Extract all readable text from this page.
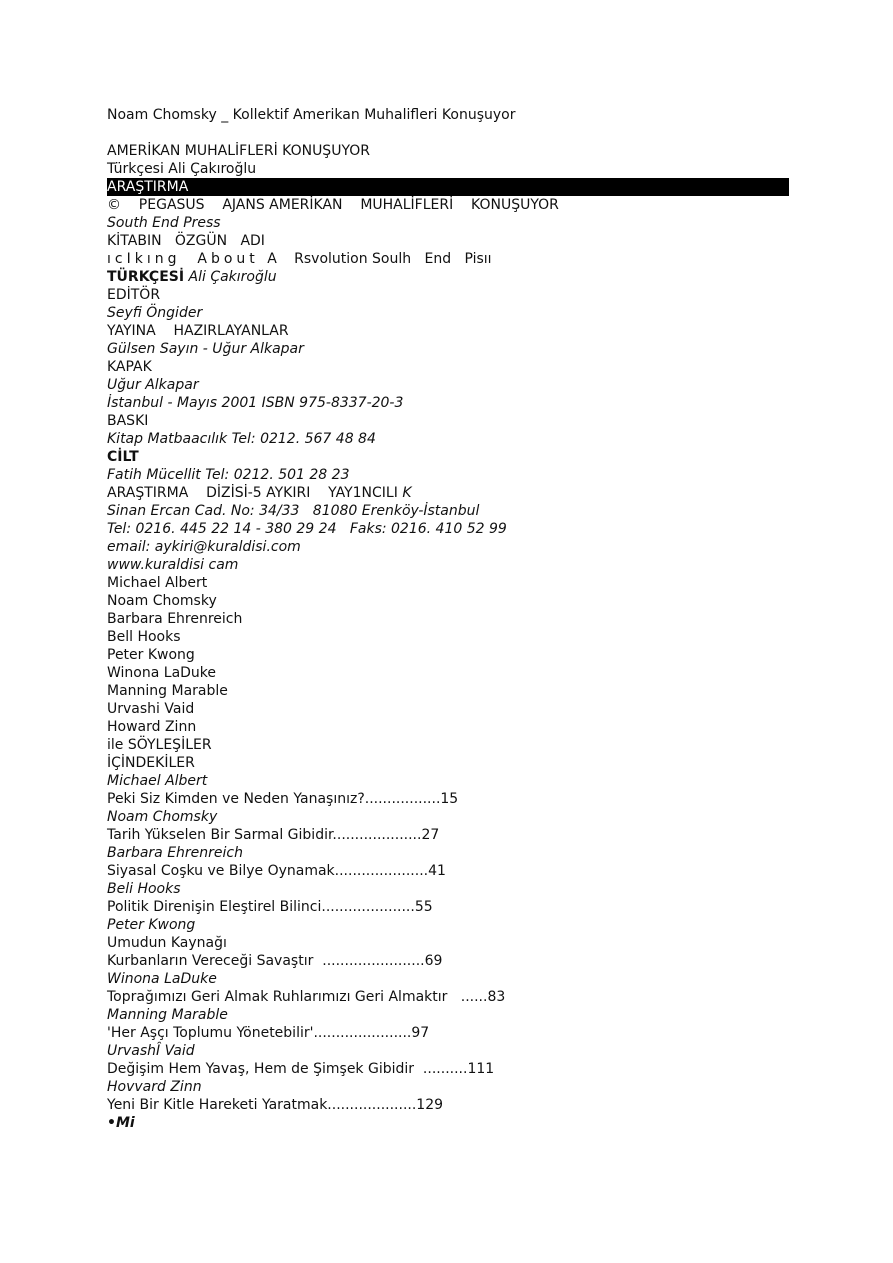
Noam Chomsky _ Kollektif Amerikan Muhalifleri Konuşuyor
AMERİKAN MUHALİFLERİ KONUŞUYOR
Türkçesi Ali Çakıroğlu
ARAŞTIRMA
©    PEGASUS    AJANS AMERİKAN    MUHALİFLERİ    KONUŞUYOR
South End Press
KİTABIN   ÖZGÜN   ADI
ıcIkıng  About A   Rsvolution Soulh   End   Pisıı
TÜRKÇESİ Ali Çakıroğlu
EDİTÖR
Seyfi Öngider
YAYINA    HAZIRLAYANLAR
Gülsen Sayın - Uğur Alkapar
KAPAK
Uğur Alkapar
İstanbul - Mayıs 2001 ISBN 975-8337-20-3
BASKI
Kitap Matbaacılık Tel: 0212. 567 48 84
CİLT
Fatih Mücellit Tel: 0212. 501 28 23
ARAŞTIRMA    DİZİSİ-5 AYKIRI    YAY1NCILI K
Sinan Ercan Cad. No: 34/33   81080 Erenköy-İstanbul
Tel: 0216. 445 22 14 - 380 29 24   Faks: 0216. 410 52 99
email: aykiri@kuraldisi.com
www.kuraldisi cam
Michael Albert
Noam Chomsky
Barbara Ehrenreich
Bell Hooks
Peter Kwong
Winona LaDuke
Manning Marable
Urvashi Vaid
Howard Zinn
ile SÖYLEŞİLER
İÇİNDEKİLER
Michael Albert
Peki Siz Kimden ve Neden Yanaşınız?.................15
Noam Chomsky
Tarih Yükselen Bir Sarmal Gibidir....................27
Barbara Ehrenreich
Siyasal Coşku ve Bilye Oynamak.....................41
Beli Hooks
Politik Direnişin Eleştirel Bilinci.....................55
Peter Kwong
Umudun Kaynağı
Kurbanların Vereceği Savaştır  .......................69
Winona LaDuke
Toprağımızı Geri Almak Ruhlarımızı Geri Almaktır   ......83
Manning Marable
'Her Aşçı Toplumu Yönetebilir'......................97
UrvashÎ Vaid
Değişim Hem Yavaş, Hem de Şimşek Gibidir  ..........111
Hovvard Zinn
Yeni Bir Kitle Hareketi Yaratmak....................129
•Mi
